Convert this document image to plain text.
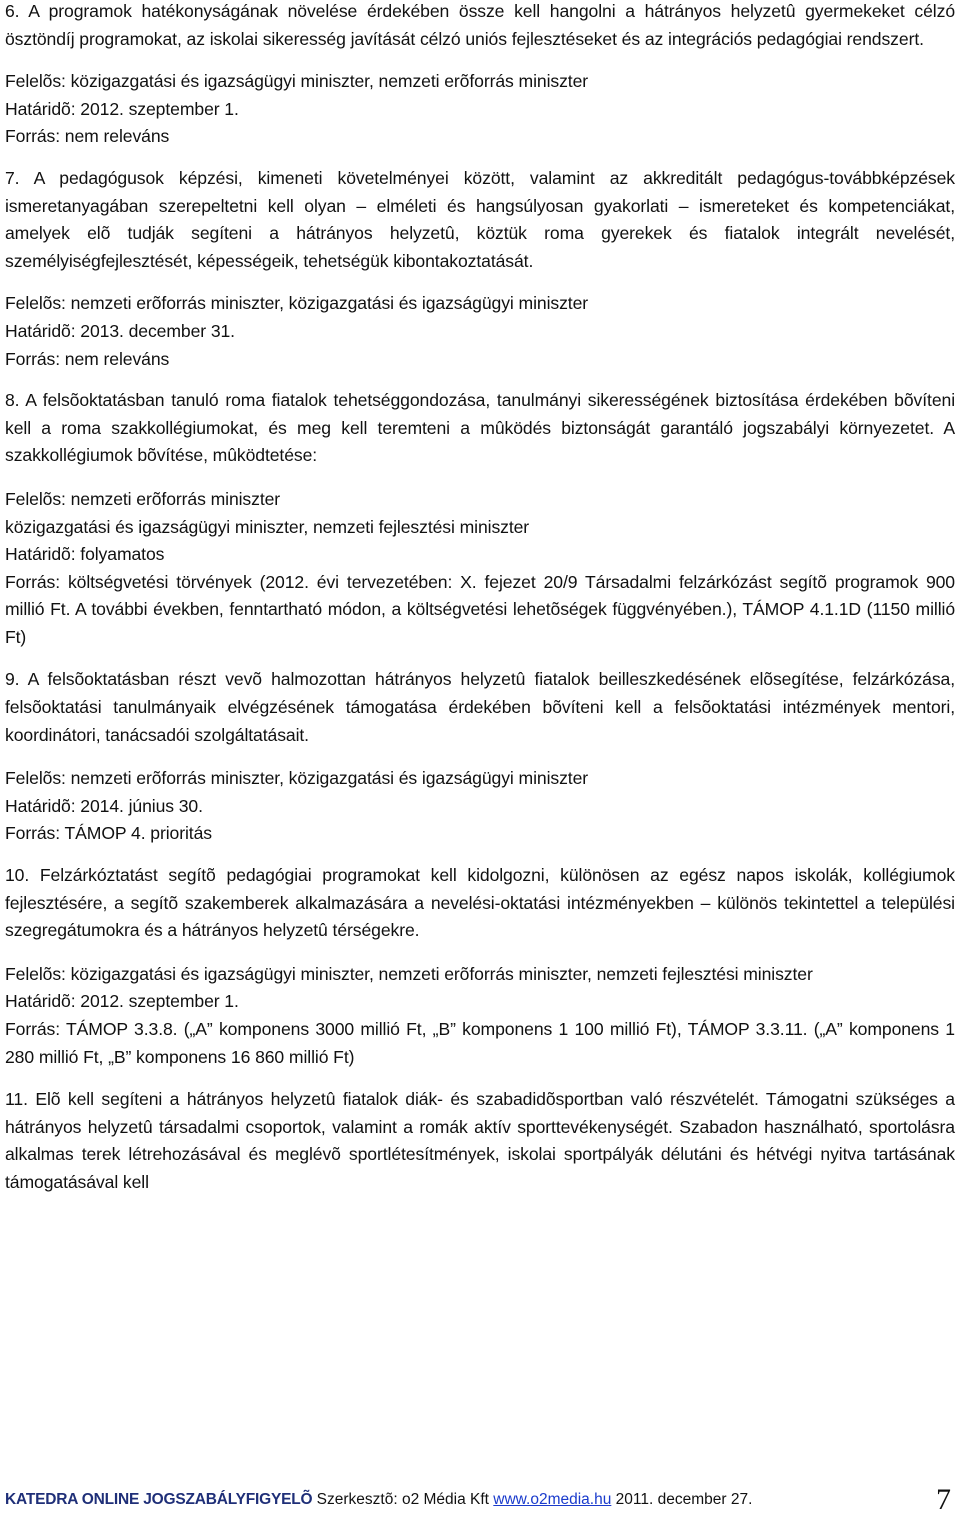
6. A programok hatékonyságának növelése érdekében össze kell hangolni a hátrányos helyzetû gyermekeket célzó ösztöndíj programokat, az iskolai sikeresség javítását célzó uniós fejlesztéseket és az integrációs pedagógiai rendszert.

Felelõs: közigazgatási és igazságügyi miniszter, nemzeti erõforrás miniszter

Határidõ: 2012. szeptember 1.

Forrás: nem releváns

7. A pedagógusok képzési, kimeneti követelményei között, valamint az akkreditált pedagógus-továbbképzések ismeretanyagában szerepeltetni kell olyan – elméleti és hangsúlyosan gyakorlati – ismereteket és kompetenciákat, amelyek elõ tudják segíteni a hátrányos helyzetû, köztük roma gyerekek és fiatalok integrált nevelését, személyiségfejlesztését, képességeik, tehetségük kibontakoztatását.

Felelõs: nemzeti erõforrás miniszter, közigazgatási és igazságügyi miniszter

Határidõ: 2013. december 31.

Forrás: nem releváns

8. A felsõoktatásban tanuló roma fiatalok tehetséggondozása, tanulmányi sikerességének biztosítása érdekében bõvíteni kell a roma szakkollégiumokat, és meg kell teremteni a mûködés biztonságát garantáló jogszabályi környezetet. A szakkollégiumok bõvítése, mûködtetése:

Felelõs: nemzeti erõforrás miniszter

közigazgatási és igazságügyi miniszter, nemzeti fejlesztési miniszter

Határidõ: folyamatos

Forrás: költségvetési törvények (2012. évi tervezetében: X. fejezet 20/9 Társadalmi felzárkózást segítõ programok 900 millió Ft. A további években, fenntartható módon, a költségvetési lehetõségek függvényében.), TÁMOP 4.1.1D (1150 millió Ft)

9. A felsõoktatásban részt vevõ halmozottan hátrányos helyzetû fiatalok beilleszkedésének elõsegítése, felzárkózása, felsõoktatási tanulmányaik elvégzésének támogatása érdekében bõvíteni kell a felsõoktatási intézmények mentori, koordinátori, tanácsadói szolgáltatásait.

Felelõs: nemzeti erõforrás miniszter, közigazgatási és igazságügyi miniszter

Határidõ: 2014. június 30.

Forrás: TÁMOP 4. prioritás

10. Felzárkóztatást segítõ pedagógiai programokat kell kidolgozni, különösen az egész napos iskolák, kollégiumok fejlesztésére, a segítõ szakemberek alkalmazására a nevelési-oktatási intézményekben – különös tekintettel a települési szegregátumokra és a hátrányos helyzetû térségekre.

Felelõs: közigazgatási és igazságügyi miniszter, nemzeti erõforrás miniszter, nemzeti fejlesztési miniszter

Határidõ: 2012. szeptember 1.

Forrás: TÁMOP 3.3.8. („A” komponens 3000 millió Ft, „B” komponens 1 100 millió Ft), TÁMOP 3.3.11. („A” komponens 1 280 millió Ft, „B” komponens 16 860 millió Ft)

11. Elõ kell segíteni a hátrányos helyzetû fiatalok diák- és szabadidõsportban való részvételét. Támogatni szükséges a hátrányos helyzetû társadalmi csoportok, valamint a romák aktív sporttevékenységét. Szabadon használható, sportolásra alkalmas terek létrehozásával és meglévõ sportlétesítmények, iskolai sportpályák délutáni és hétvégi nyitva tartásának támogatásával kell

KATEDRA ONLINE JOGSZABÁLYFIGYELÕ Szerkesztõ: o2 Média Kft www.o2media.hu 2011. december 27.	7
